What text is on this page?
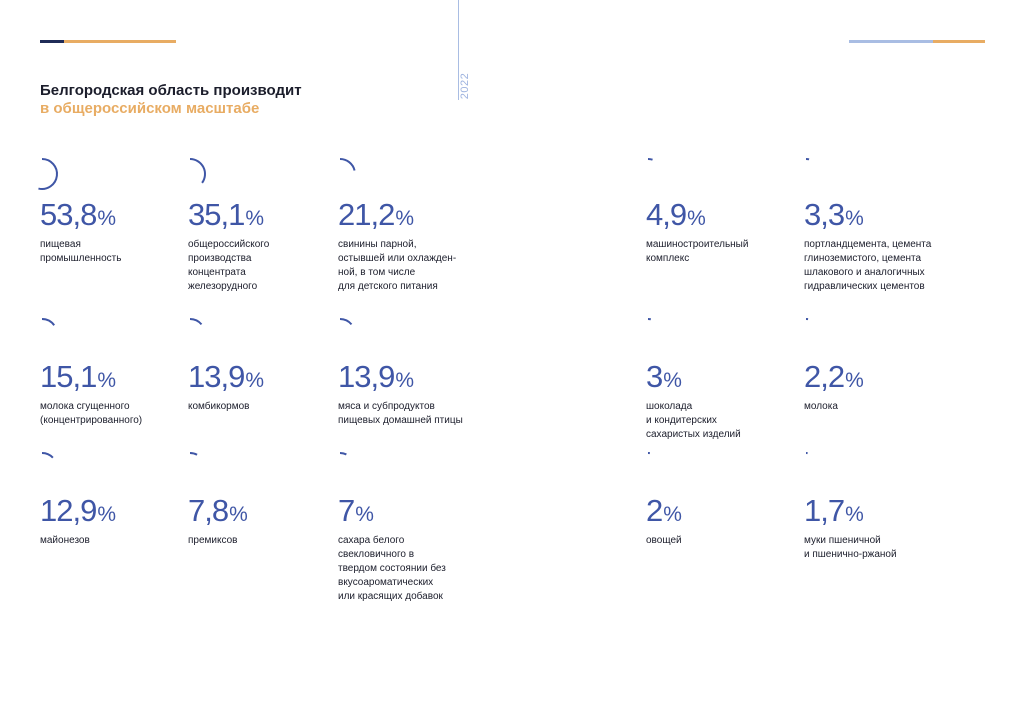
2022
Белгородская область производит
в общероссийском масштабе
53,8%
пищевая
промышленность
35,1%
общероссийского
производства
концентрата
железорудного
21,2%
свинины парной,
остывшей или охлажден-
ной, в том числе
для детского питания
4,9%
машиностроительный
комплекс
3,3%
портландцемента, цемента
глиноземистого, цемента
шлакового и аналогичных
гидравлических цементов
15,1%
молока сгущенного
(концентрированного)
13,9%
комбикормов
13,9%
мяса и субпродуктов
пищевых домашней птицы
3%
шоколада
и кондитерских
сахаристых изделий
2,2%
молока
12,9%
майонезов
7,8%
премиксов
7%
сахара белого
свекловичного в
твердом состоянии без
вкусоароматических
или красящих добавок
2%
овощей
1,7%
муки пшеничной
и пшенично-ржаной
